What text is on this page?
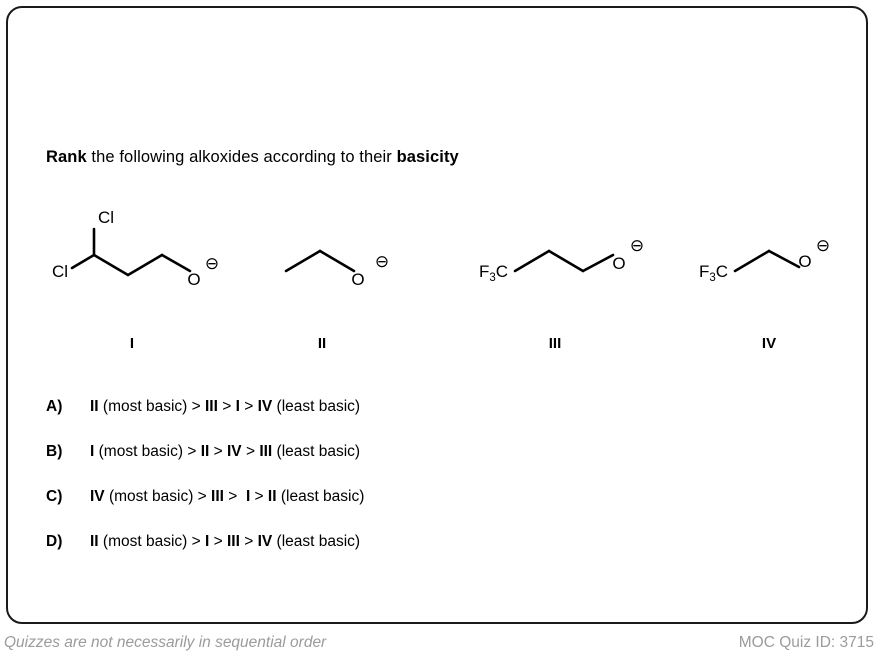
Rank the following alkoxides according to their basicity
Cl
Cl	O
⊖
I
O
⊖
II
$F_3C$	O
⊖
III
$F_3C$
O
⊖
IV
A)	II (most basic) > III > I > IV (least basic)
B)	I (most basic) > II > IV > III (least basic)
C)	IV (most basic) > III >  I > II (least basic)
D)	II (most basic) > I > III > IV (least basic)
Quizzes are not necessarily in sequential order	MOC Quiz ID: 3715
